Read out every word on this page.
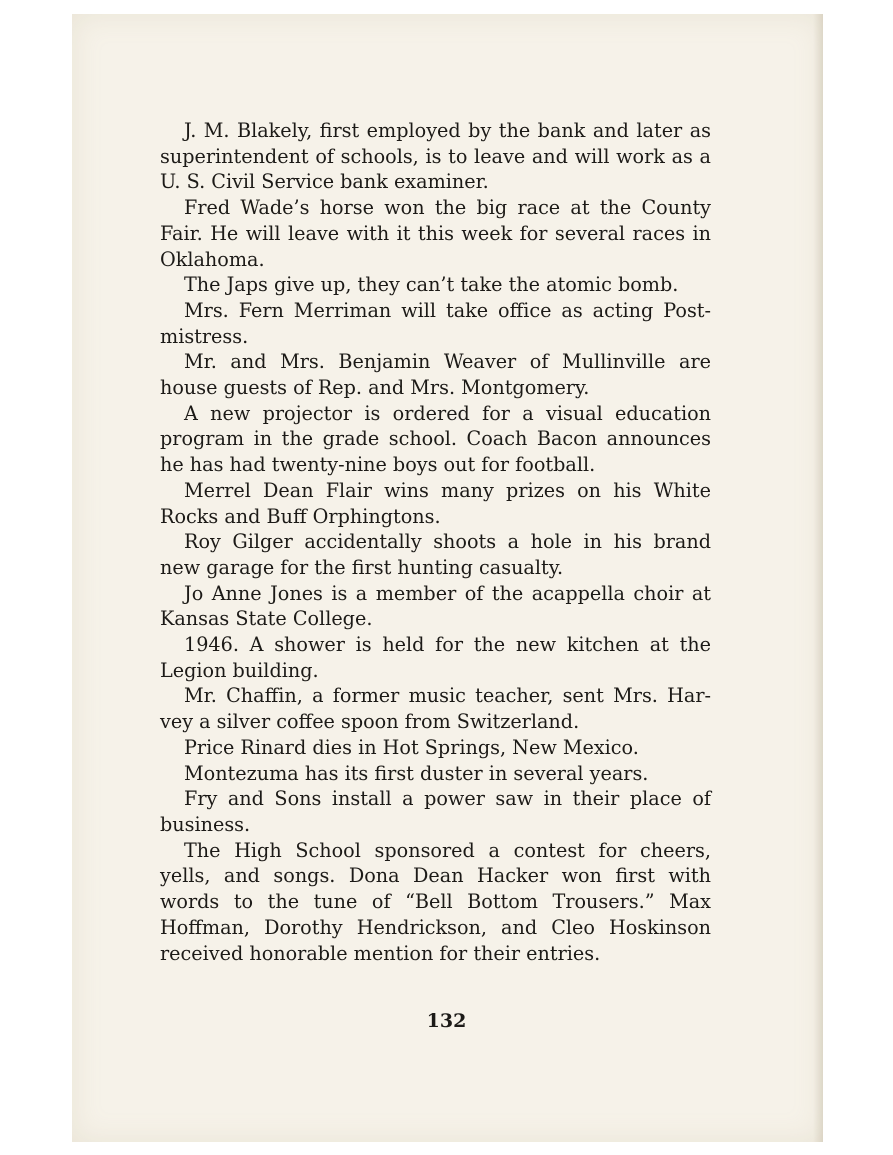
J. M. Blakely, first employed by the bank and later as superintendent of schools, is to leave and will work as a U. S. Civil Service bank examiner.

Fred Wade’s horse won the big race at the County Fair. He will leave with it this week for several races in Oklahoma.

The Japs give up, they can’t take the atomic bomb.

Mrs. Fern Merriman will take office as acting Postmistress.

Mr. and Mrs. Benjamin Weaver of Mullinville are house guests of Rep. and Mrs. Montgomery.

A new projector is ordered for a visual education program in the grade school. Coach Bacon announces he has had twenty-nine boys out for football.

Merrel Dean Flair wins many prizes on his White Rocks and Buff Orphingtons.

Roy Gilger accidentally shoots a hole in his brand new garage for the first hunting casualty.

Jo Anne Jones is a member of the acappella choir at Kansas State College.

1946. A shower is held for the new kitchen at the Legion building.

Mr. Chaffin, a former music teacher, sent Mrs. Harvey a silver coffee spoon from Switzerland.

Price Rinard dies in Hot Springs, New Mexico.

Montezuma has its first duster in several years.

Fry and Sons install a power saw in their place of business.

The High School sponsored a contest for cheers, yells, and songs. Dona Dean Hacker won first with words to the tune of “Bell Bottom Trousers.” Max Hoffman, Dorothy Hendrickson, and Cleo Hoskinson received honorable mention for their entries.

132
